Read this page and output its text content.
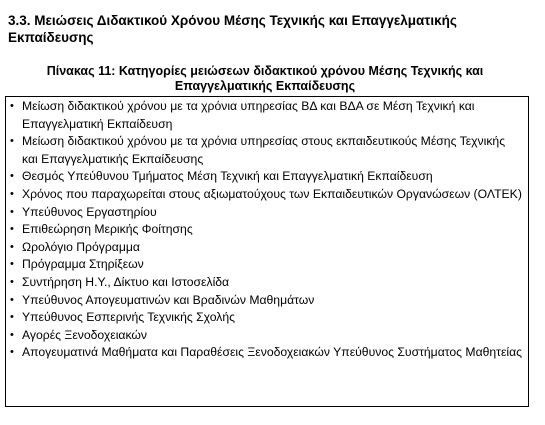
3.3. Μειώσεις Διδακτικού Χρόνου Μέσης Τεχνικής και Επαγγελματικής Εκπαίδευσης
Πίνακας 11: Κατηγορίες μειώσεων διδακτικού χρόνου Μέσης Τεχνικής και Επαγγελματικής Εκπαίδευσης
• Μείωση διδακτικού χρόνου με τα χρόνια υπηρεσίας ΒΔ και ΒΔΑ σε Μέση Τεχνική και Επαγγελματική Εκπαίδευση
• Μείωση διδακτικού χρόνου με τα χρόνια υπηρεσίας στους εκπαιδευτικούς Μέσης Τεχνικής και Επαγγελματικής Εκπαίδευσης
• Θεσμός Υπεύθυνου Τμήματος Μέση Τεχνική και Επαγγελματική Εκπαίδευση
• Χρόνος που παραχωρείται στους αξιωματούχους των Εκπαιδευτικών Οργανώσεων (ΟΛΤΕΚ)
• Υπεύθυνος Εργαστηρίου
• Επιθεώρηση Μερικής Φοίτησης
• Ωρολόγιο Πρόγραμμα
• Πρόγραμμα Στηρίξεων
• Συντήρηση Η.Υ., Δίκτυο και Ιστοσελίδα
• Υπεύθυνος Απογευματινών και Βραδινών Μαθημάτων
• Υπεύθυνος Εσπερινής Τεχνικής Σχολής
• Αγορές Ξενοδοχειακών
• Απογευματινά Μαθήματα και Παραθέσεις Ξενοδοχειακών Υπεύθυνος Συστήματος Μαθητείας
